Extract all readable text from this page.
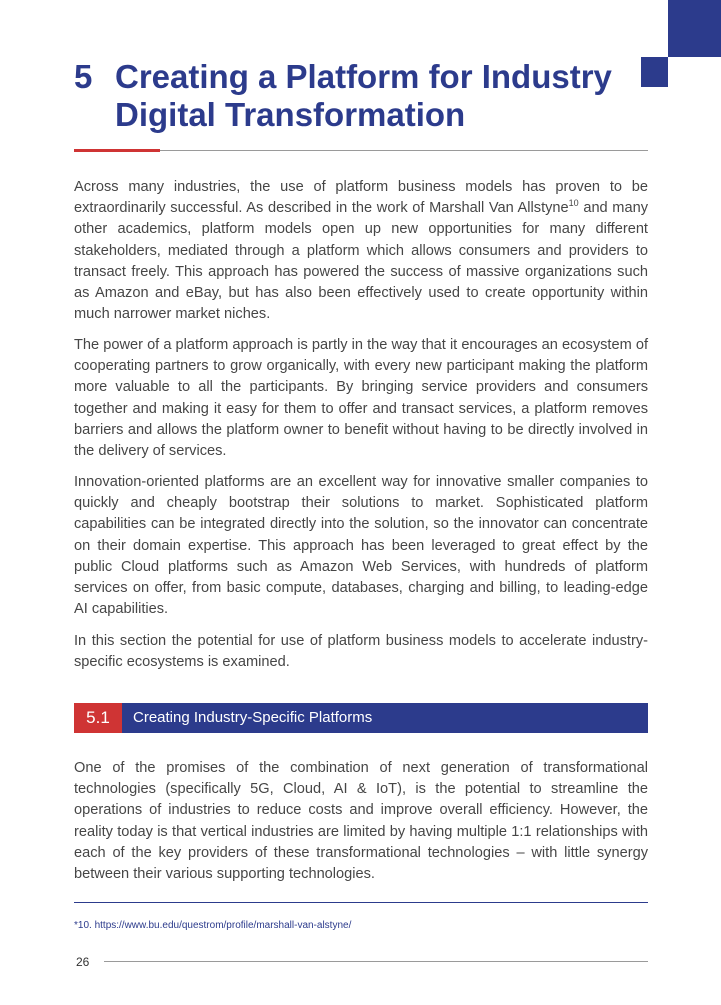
5 Creating a Platform for Industry
Digital Transformation

Across many industries, the use of platform business models has proven to be extraordinarily successful. As described in the work of Marshall Van Allstyne$^{10}$ and many other academics, platform models open up new opportunities for many different stakeholders, mediated through a platform which allows consumers and providers to transact freely. This approach has powered the success of massive organizations such as Amazon and eBay, but has also been effectively used to create opportunity within much narrower market niches.

The power of a platform approach is partly in the way that it encourages an ecosystem of cooperating partners to grow organically, with every new participant making the platform more valuable to all the participants. By bringing service providers and consumers together and making it easy for them to offer and transact services, a platform removes barriers and allows the platform owner to benefit without having to be directly involved in the delivery of services.

Innovation-oriented platforms are an excellent way for innovative smaller companies to quickly and cheaply bootstrap their solutions to market. Sophisticated platform capabilities can be integrated directly into the solution, so the innovator can concentrate on their domain expertise. This approach has been leveraged to great effect by the public Cloud platforms such as Amazon Web Services, with hundreds of platform services on offer, from basic compute, databases, charging and billing, to leading-edge AI capabilities.

In this section the potential for use of platform business models to accelerate industry-specific ecosystems is examined.

5.1	Creating Industry-Specific Platforms

One of the promises of the combination of next generation of transformational technologies (specifically 5G, Cloud, AI & IoT), is the potential to streamline the operations of industries to reduce costs and improve overall efficiency. However, the reality today is that vertical industries are limited by having multiple 1:1 relationships with each of the key providers of these transformational technologies – with little synergy between their various supporting technologies.

*10. https://www.bu.edu/questrom/profile/marshall-van-alstyne/

26
